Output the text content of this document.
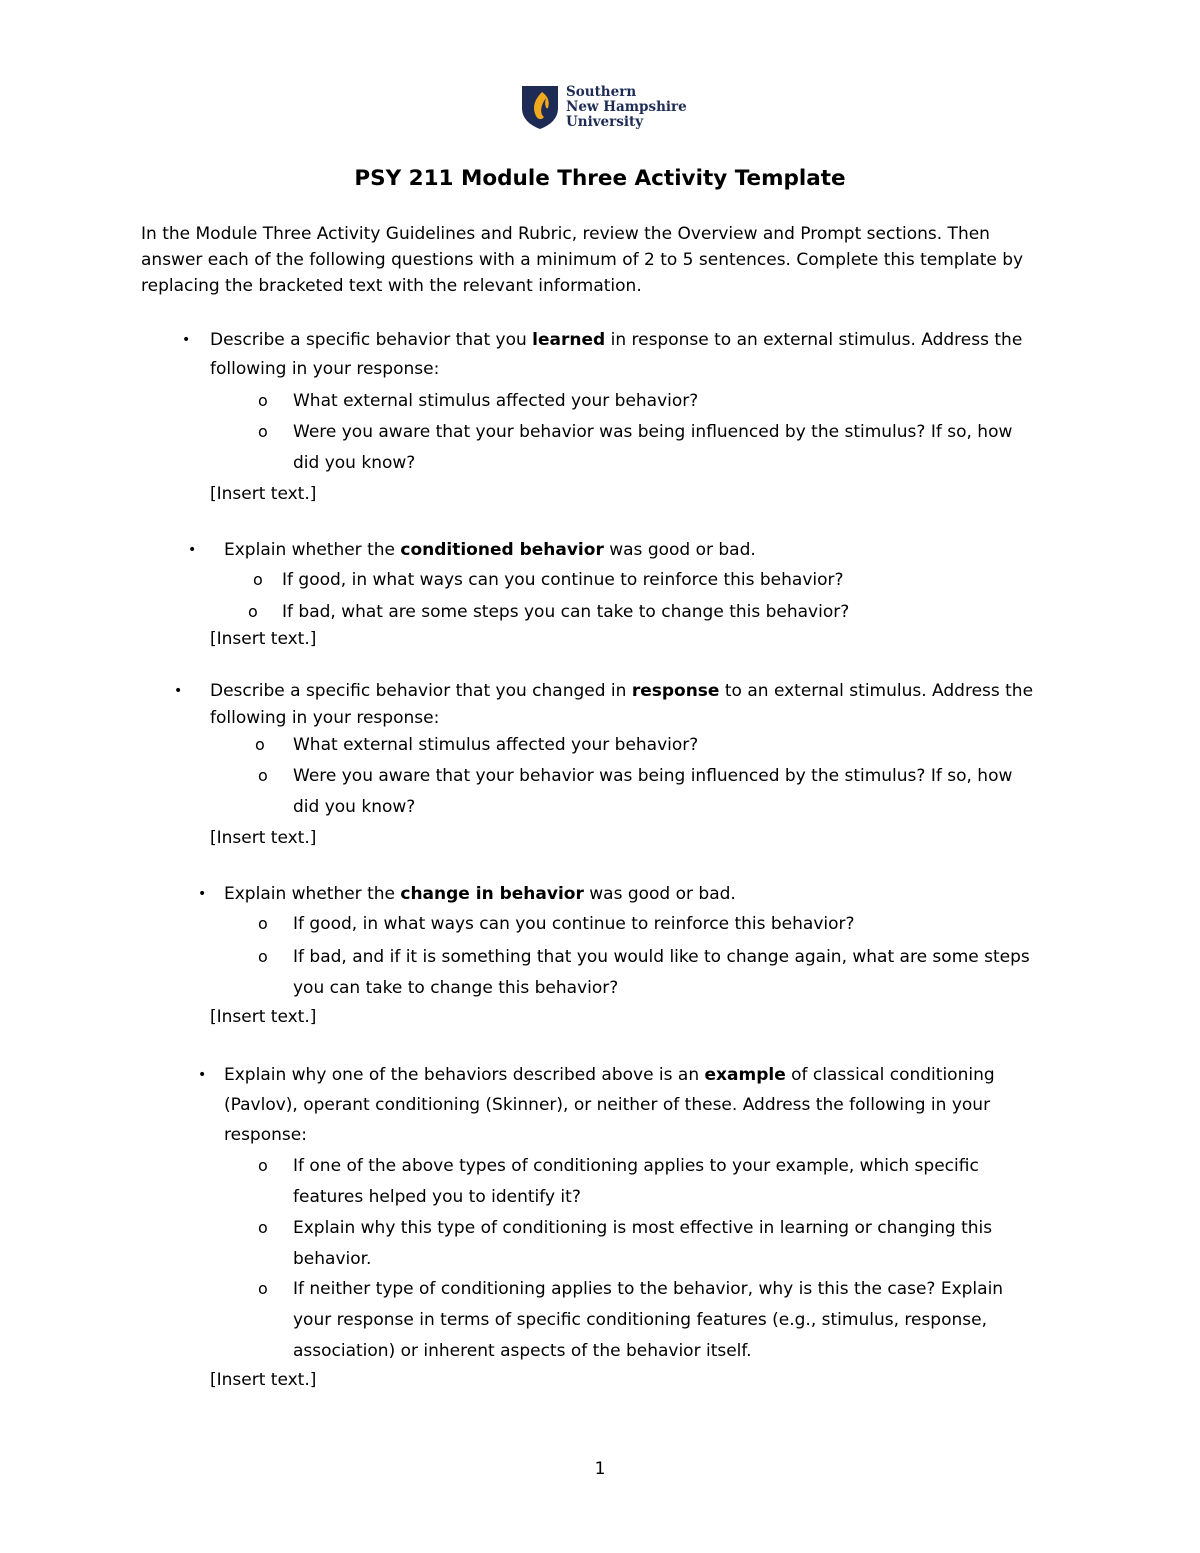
Southern
New Hampshire
University
PSY 211 Module Three Activity Template
In the Module Three Activity Guidelines and Rubric, review the Overview and Prompt sections. Then
answer each of the following questions with a minimum of 2 to 5 sentences. Complete this template by
replacing the bracketed text with the relevant information.
• Describe a specific behavior that you learned in response to an external stimulus. Address the
following in your response:
o What external stimulus affected your behavior?
o Were you aware that your behavior was being influenced by the stimulus? If so, how
did you know?
[Insert text.]
• Explain whether the conditioned behavior was good or bad.
o If good, in what ways can you continue to reinforce this behavior?
o If bad, what are some steps you can take to change this behavior?
[Insert text.]
• Describe a specific behavior that you changed in response to an external stimulus. Address the
following in your response:
o What external stimulus affected your behavior?
o Were you aware that your behavior was being influenced by the stimulus? If so, how
did you know?
[Insert text.]
• Explain whether the change in behavior was good or bad.
o If good, in what ways can you continue to reinforce this behavior?
o If bad, and if it is something that you would like to change again, what are some steps
you can take to change this behavior?
[Insert text.]
• Explain why one of the behaviors described above is an example of classical conditioning
(Pavlov), operant conditioning (Skinner), or neither of these. Address the following in your
response:
o If one of the above types of conditioning applies to your example, which specific
features helped you to identify it?
o Explain why this type of conditioning is most effective in learning or changing this
behavior.
o If neither type of conditioning applies to the behavior, why is this the case? Explain
your response in terms of specific conditioning features (e.g., stimulus, response,
association) or inherent aspects of the behavior itself.
[Insert text.]
1
